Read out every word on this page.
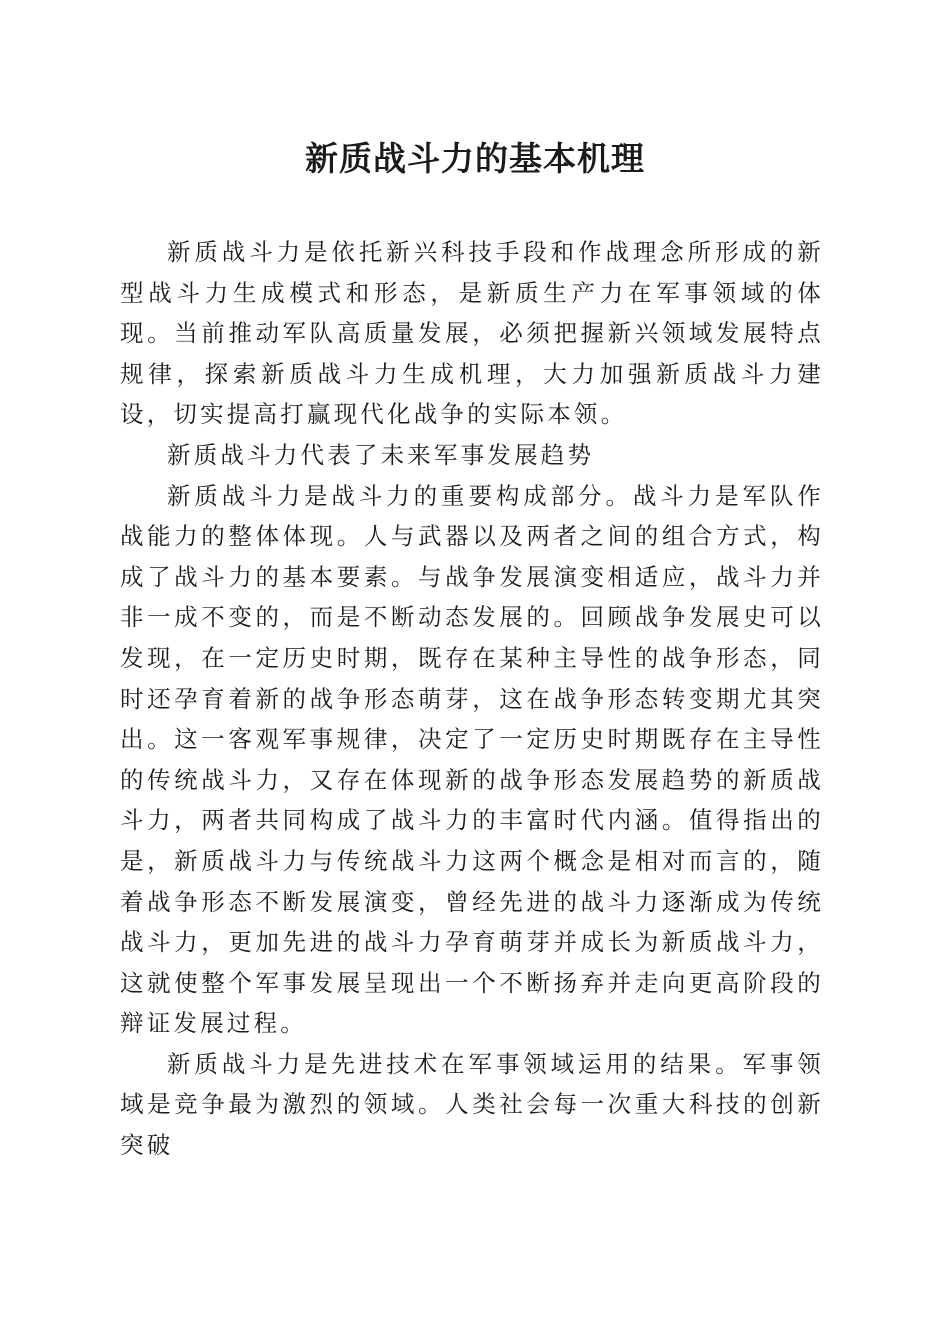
新质战斗力的基本机理

新质战斗力是依托新兴科技手段和作战理念所形成的新型战斗力生成模式和形态，是新质生产力在军事领域的体现。当前推动军队高质量发展，必须把握新兴领域发展特点规律，探索新质战斗力生成机理，大力加强新质战斗力建设，切实提高打赢现代化战争的实际本领。

新质战斗力代表了未来军事发展趋势

新质战斗力是战斗力的重要构成部分。战斗力是军队作战能力的整体体现。人与武器以及两者之间的组合方式，构成了战斗力的基本要素。与战争发展演变相适应，战斗力并非一成不变的，而是不断动态发展的。回顾战争发展史可以发现，在一定历史时期，既存在某种主导性的战争形态，同时还孕育着新的战争形态萌芽，这在战争形态转变期尤其突出。这一客观军事规律，决定了一定历史时期既存在主导性的传统战斗力，又存在体现新的战争形态发展趋势的新质战斗力，两者共同构成了战斗力的丰富时代内涵。值得指出的是，新质战斗力与传统战斗力这两个概念是相对而言的，随着战争形态不断发展演变，曾经先进的战斗力逐渐成为传统战斗力，更加先进的战斗力孕育萌芽并成长为新质战斗力，这就使整个军事发展呈现出一个不断扬弃并走向更高阶段的辩证发展过程。

新质战斗力是先进技术在军事领域运用的结果。军事领域是竞争最为激烈的领域。人类社会每一次重大科技的创新突破
